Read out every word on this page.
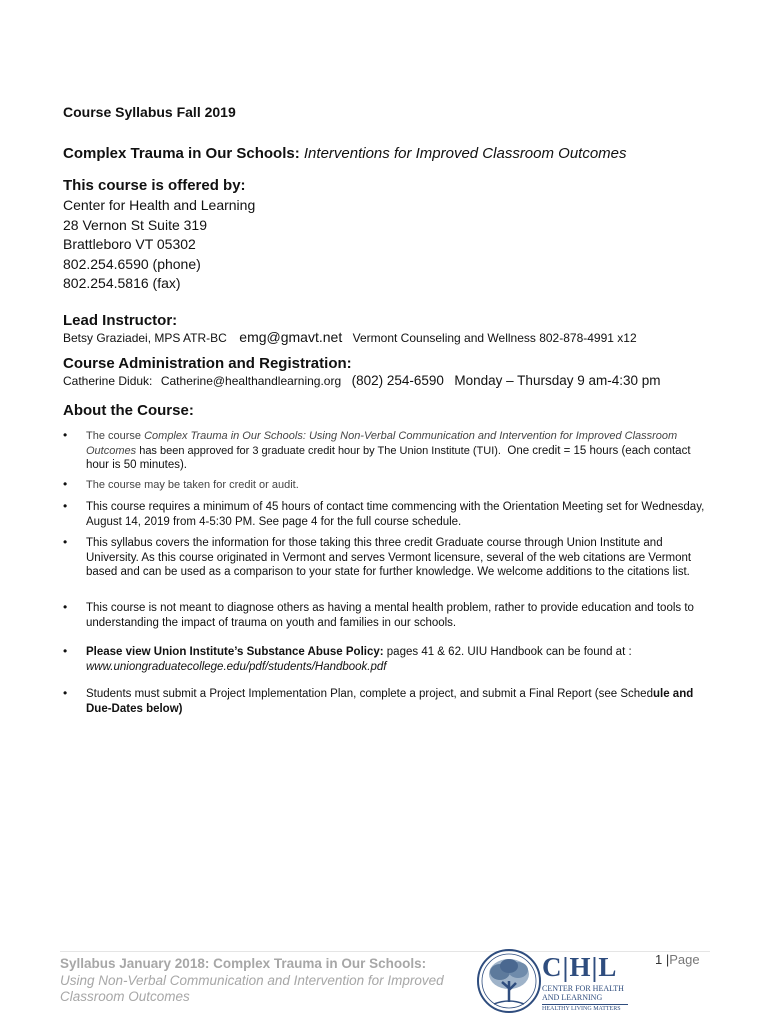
Course Syllabus Fall 2019
Complex Trauma in Our Schools: Interventions for Improved Classroom Outcomes
This course is offered by:
Center for Health and Learning
28 Vernon St Suite 319
Brattleboro VT 05302
802.254.6590 (phone)
802.254.5816 (fax)
Lead Instructor:
Betsy Graziadei, MPS ATR-BC emg@gmavt.net Vermont Counseling and Wellness 802-878-4991 x12
Course Administration and Registration:
Catherine Diduk: Catherine@healthandlearning.org (802) 254-6590 Monday – Thursday 9 am-4:30 pm
About the Course:
• The course Complex Trauma in Our Schools: Using Non-Verbal Communication and Intervention for Improved Classroom Outcomes has been approved for 3 graduate credit hour by The Union Institute (TUI). One credit = 15 hours (each contact hour is 50 minutes).
• The course may be taken for credit or audit.
• This course requires a minimum of 45 hours of contact time commencing with the Orientation Meeting set for Wednesday, August 14, 2019 from 4-5:30 PM. See page 4 for the full course schedule.
• This syllabus covers the information for those taking this three credit Graduate course through Union Institute and University. As this course originated in Vermont and serves Vermont licensure, several of the web citations are Vermont based and can be used as a comparison to your state for further knowledge. We welcome additions to the citations list.
• This course is not meant to diagnose others as having a mental health problem, rather to provide education and tools to understanding the impact of trauma on youth and families in our schools.
• Please view Union Institute’s Substance Abuse Policy: pages 41 & 62. UIU Handbook can be found at :
www.uniongraduatecollege.edu/pdf/students/Handbook.pdf
• Students must submit a Project Implementation Plan, complete a project, and submit a Final Report (see Schedule and Due-Dates below)
Syllabus January 2018: Complex Trauma in Our Schools:
Using Non-Verbal Communication and Intervention for Improved
Classroom Outcomes
C|H|L
CENTER FOR HEALTH
AND LEARNING
HEALTHY LIVING MATTERS
1 |Page
